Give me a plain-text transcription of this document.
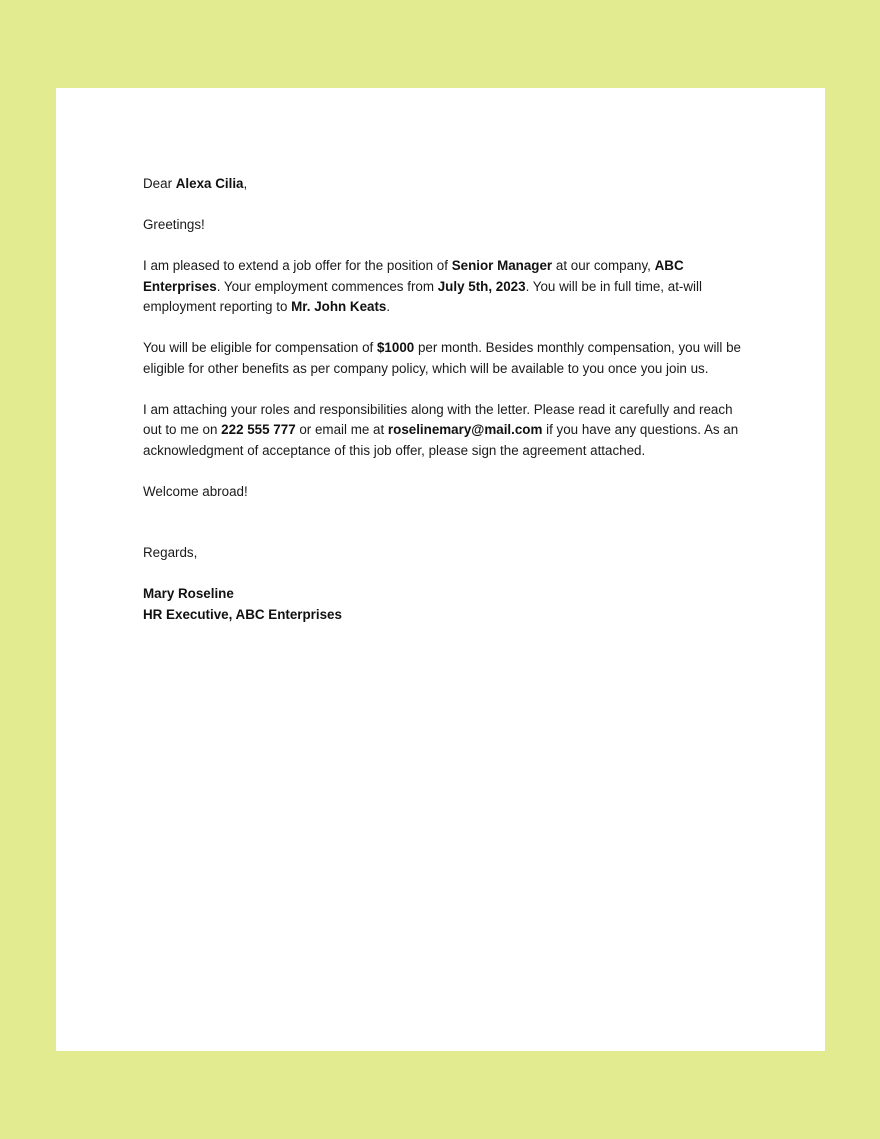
Dear Alexa Cilia,

Greetings!

I am pleased to extend a job offer for the position of Senior Manager at our company, ABC Enterprises. Your employment commences from July 5th, 2023. You will be in full time, at-will employment reporting to Mr. John Keats.

You will be eligible for compensation of $1000 per month. Besides monthly compensation, you will be eligible for other benefits as per company policy, which will be available to you once you join us.

I am attaching your roles and responsibilities along with the letter. Please read it carefully and reach out to me on 222 555 777 or email me at roselinemary@mail.com if you have any questions. As an acknowledgment of acceptance of this job offer, please sign the agreement attached.

Welcome abroad!

Regards,

Mary Roseline
HR Executive, ABC Enterprises
